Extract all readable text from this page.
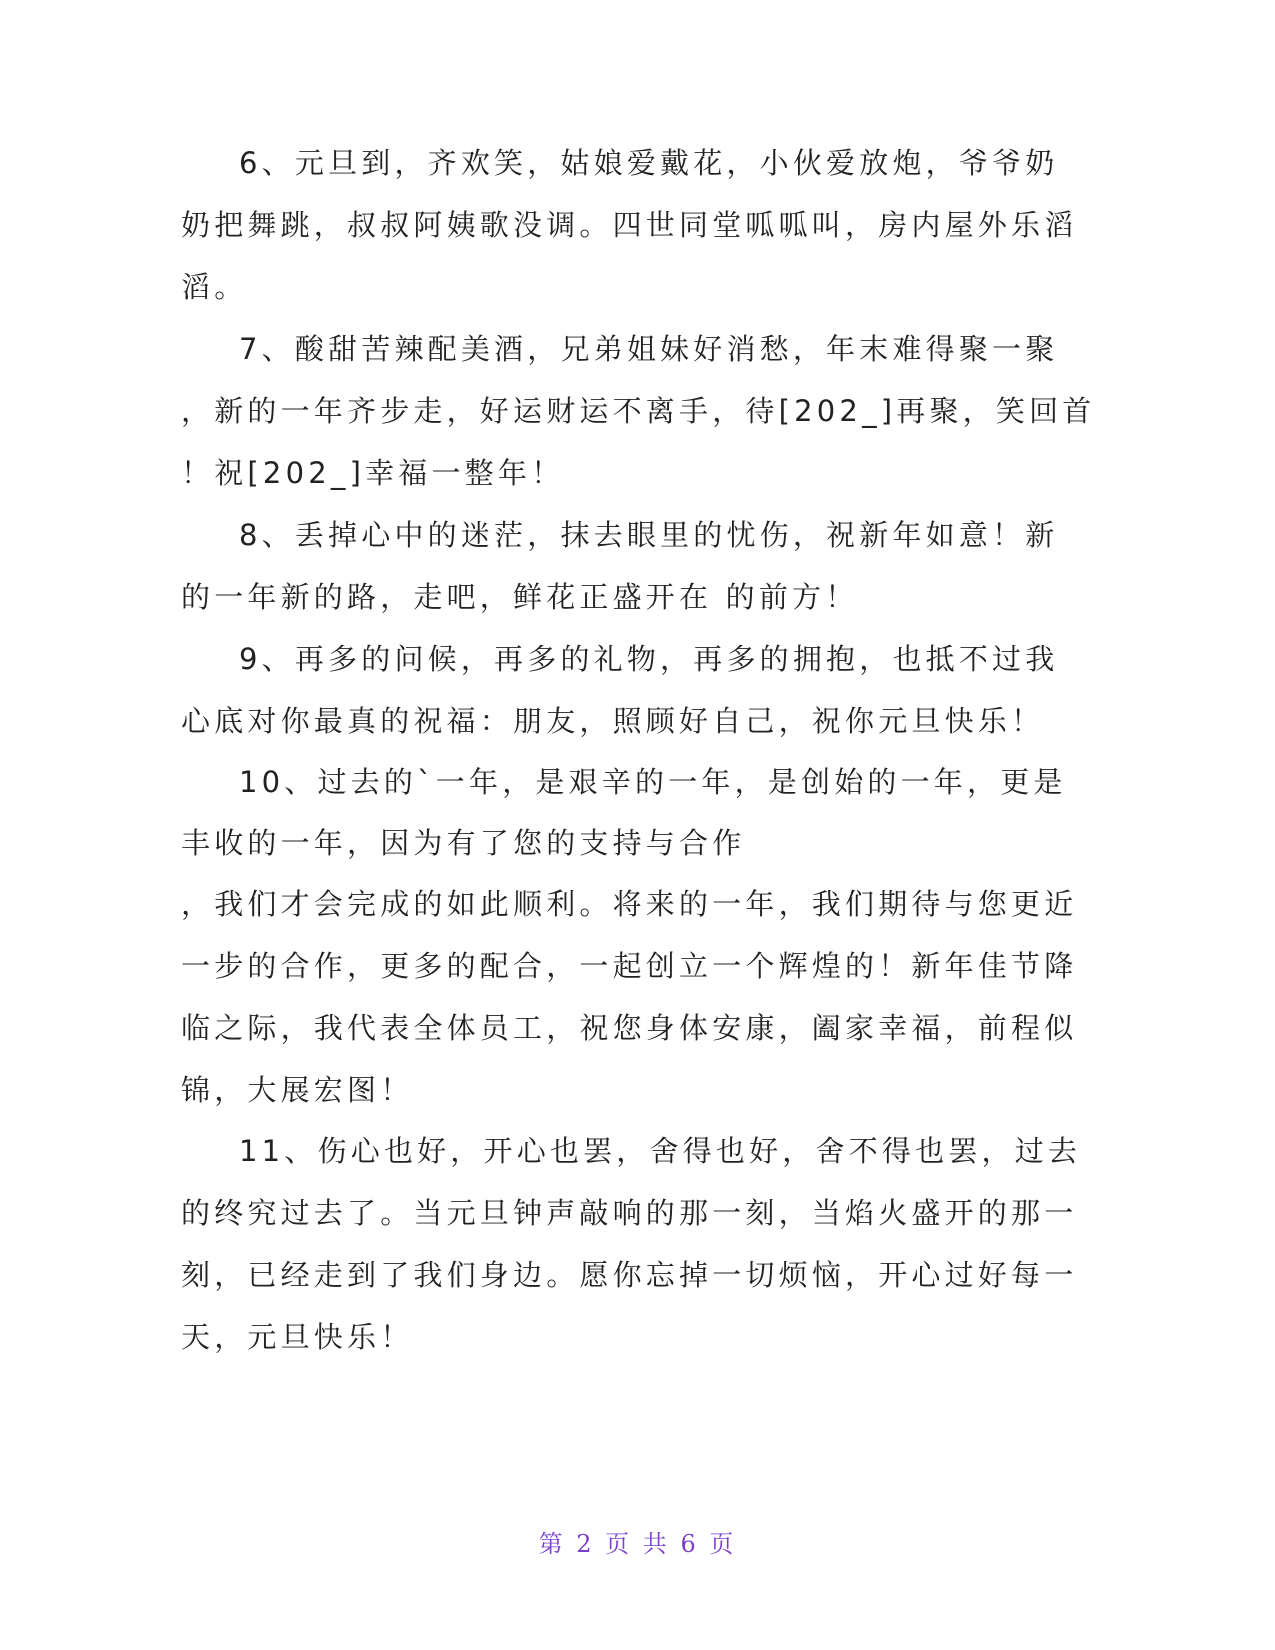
6、元旦到，齐欢笑，姑娘爱戴花，小伙爱放炮，爷爷奶
奶把舞跳，叔叔阿姨歌没调。四世同堂呱呱叫，房内屋外乐滔
滔。
7、酸甜苦辣配美酒，兄弟姐妹好消愁，年末难得聚一聚
，新的一年齐步走，好运财运不离手，待[202_]再聚，笑回首
！祝[202_]幸福一整年！
8、丢掉心中的迷茫，抹去眼里的忧伤，祝新年如意！新
的一年新的路，走吧，鲜花正盛开在 的前方！
9、再多的问候，再多的礼物，再多的拥抱，也抵不过我
心底对你最真的祝福：朋友，照顾好自己，祝你元旦快乐！
10、过去的`一年，是艰辛的一年，是创始的一年，更是
丰收的一年，因为有了您的支持与合作
，我们才会完成的如此顺利。将来的一年，我们期待与您更近
一步的合作，更多的配合，一起创立一个辉煌的！新年佳节降
临之际，我代表全体员工，祝您身体安康，阖家幸福，前程似
锦，大展宏图！
11、伤心也好，开心也罢，舍得也好，舍不得也罢，过去
的终究过去了。当元旦钟声敲响的那一刻，当焰火盛开的那一
刻，已经走到了我们身边。愿你忘掉一切烦恼，开心过好每一
天，元旦快乐！
第 2 页 共 6 页
